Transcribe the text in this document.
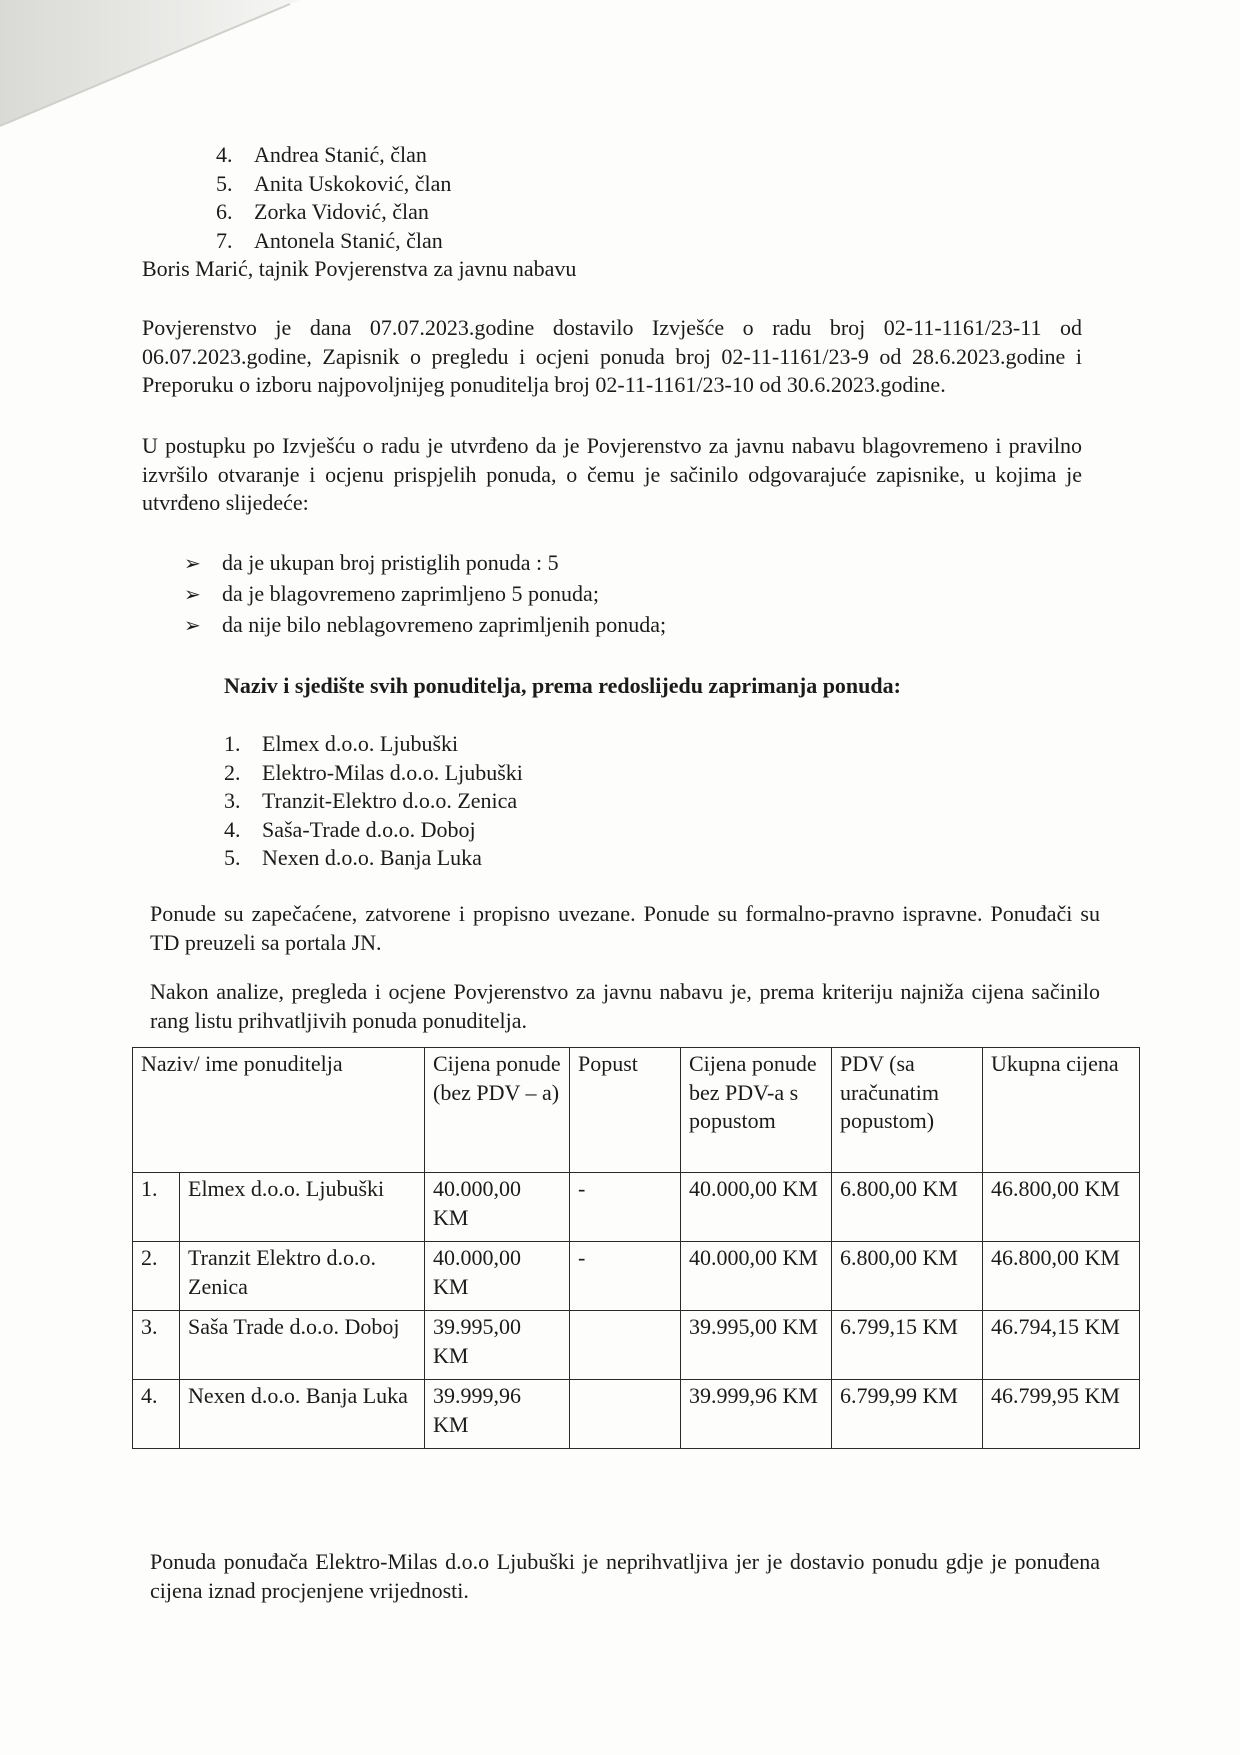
4. Andrea Stanić, član
5. Anita Uskoković, član
6. Zorka Vidović, član
7. Antonela Stanić, član
Boris Marić, tajnik Povjerenstva za javnu nabavu

Povjerenstvo je dana 07.07.2023.godine dostavilo Izvješće o radu broj 02-11-1161/23-11 od 06.07.2023.godine, Zapisnik o pregledu i ocjeni ponuda broj 02-11-1161/23-9 od 28.6.2023.godine i Preporuku o izboru najpovoljnijeg ponuditelja broj 02-11-1161/23-10 od 30.6.2023.godine.

U postupku po Izvješću o radu je utvrđeno da je Povjerenstvo za javnu nabavu blagovremeno i pravilno izvršilo otvaranje i ocjenu prispjelih ponuda, o čemu je sačinilo odgovarajuće zapisnike, u kojima je utvrđeno slijedeće:

➢ da je ukupan broj pristiglih ponuda : 5
➢ da je blagovremeno zaprimljeno 5 ponuda;
➢ da nije bilo neblagovremeno zaprimljenih ponuda;
Naziv i sjedište svih ponuditelja, prema redoslijedu zaprimanja ponuda:
1. Elmex d.o.o. Ljubuški
2. Elektro-Milas d.o.o. Ljubuški
3. Tranzit-Elektro d.o.o. Zenica
4. Saša-Trade d.o.o. Doboj
5. Nexen d.o.o. Banja Luka

Ponude su zapečaćene, zatvorene i propisno uvezane. Ponude su formalno-pravno ispravne. Ponuđači su TD preuzeli sa portala JN.

Nakon analize, pregleda i ocjene Povjerenstvo za javnu nabavu je, prema kriteriju najniža cijena sačinilo rang listu prihvatljivih ponuda ponuditelja.

Naziv/ ime ponuditelja		Cijena ponude (bez PDV – a)	Popust	Cijena ponude bez PDV-a s popustom	PDV (sa uračunatim popustom)	Ukupna cijena
1.	Elmex d.o.o. Ljubuški	40.000,00 KM	-	40.000,00 KM	6.800,00 KM	46.800,00 KM
2.	Tranzit Elektro d.o.o. Zenica	40.000,00 KM	-	40.000,00 KM	6.800,00 KM	46.800,00 KM
3.	Saša Trade d.o.o. Doboj	39.995,00 KM		39.995,00 KM	6.799,15 KM	46.794,15 KM
4.	Nexen d.o.o. Banja Luka	39.999,96 KM		39.999,96 KM	6.799,99 KM	46.799,95 KM

Ponuda ponuđača Elektro-Milas d.o.o Ljubuški je neprihvatljiva jer je dostavio ponudu gdje je ponuđena cijena iznad procjenjene vrijednosti.
